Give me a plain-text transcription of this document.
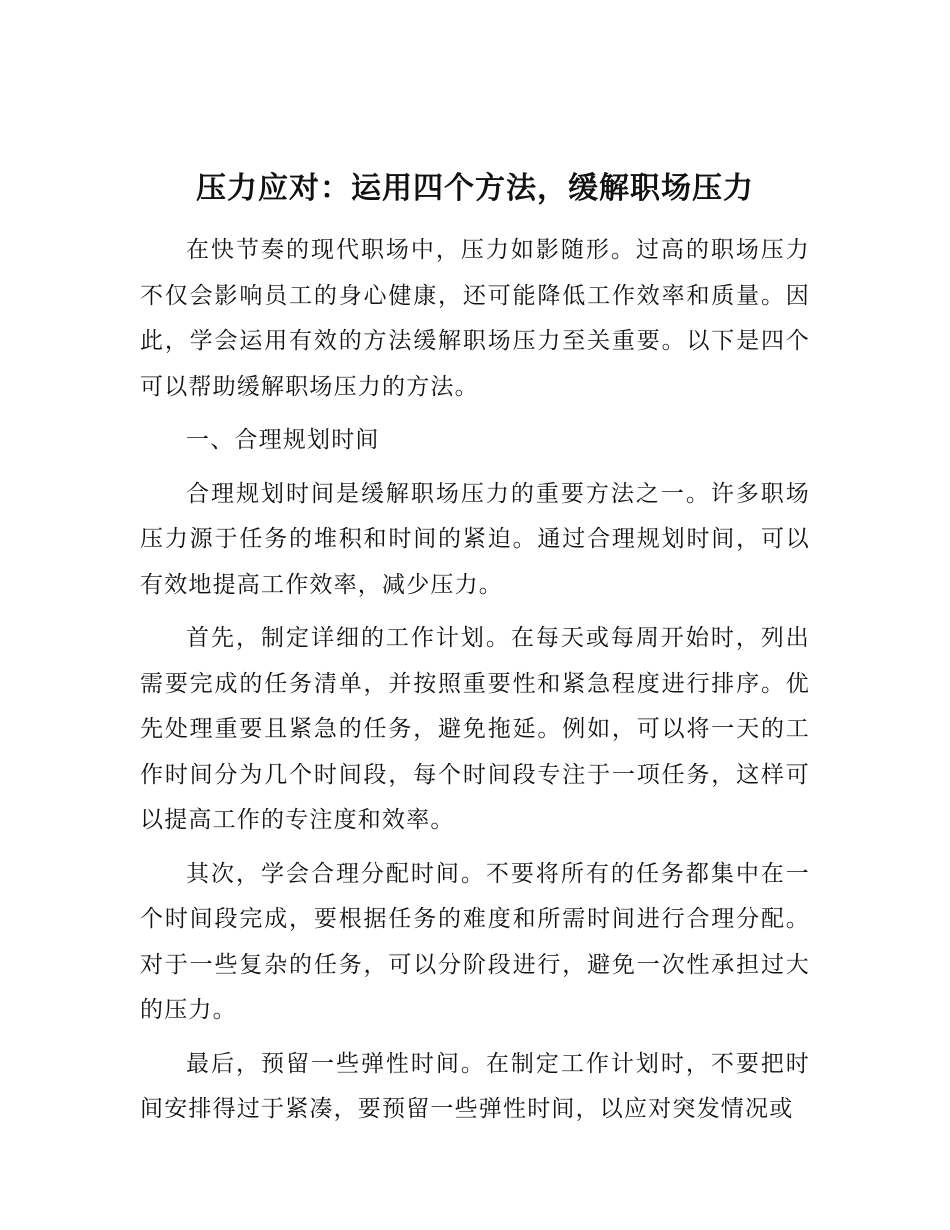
压力应对：运用四个方法，缓解职场压力

在快节奏的现代职场中，压力如影随形。过高的职场压力不仅会影响员工的身心健康，还可能降低工作效率和质量。因此，学会运用有效的方法缓解职场压力至关重要。以下是四个可以帮助缓解职场压力的方法。

一、合理规划时间

合理规划时间是缓解职场压力的重要方法之一。许多职场压力源于任务的堆积和时间的紧迫。通过合理规划时间，可以有效地提高工作效率，减少压力。

首先，制定详细的工作计划。在每天或每周开始时，列出需要完成的任务清单，并按照重要性和紧急程度进行排序。优先处理重要且紧急的任务，避免拖延。例如，可以将一天的工作时间分为几个时间段，每个时间段专注于一项任务，这样可以提高工作的专注度和效率。

其次，学会合理分配时间。不要将所有的任务都集中在一个时间段完成，要根据任务的难度和所需时间进行合理分配。对于一些复杂的任务，可以分阶段进行，避免一次性承担过大的压力。

最后，预留一些弹性时间。在制定工作计划时，不要把时间安排得过于紧凑，要预留一些弹性时间，以应对突发情况或
